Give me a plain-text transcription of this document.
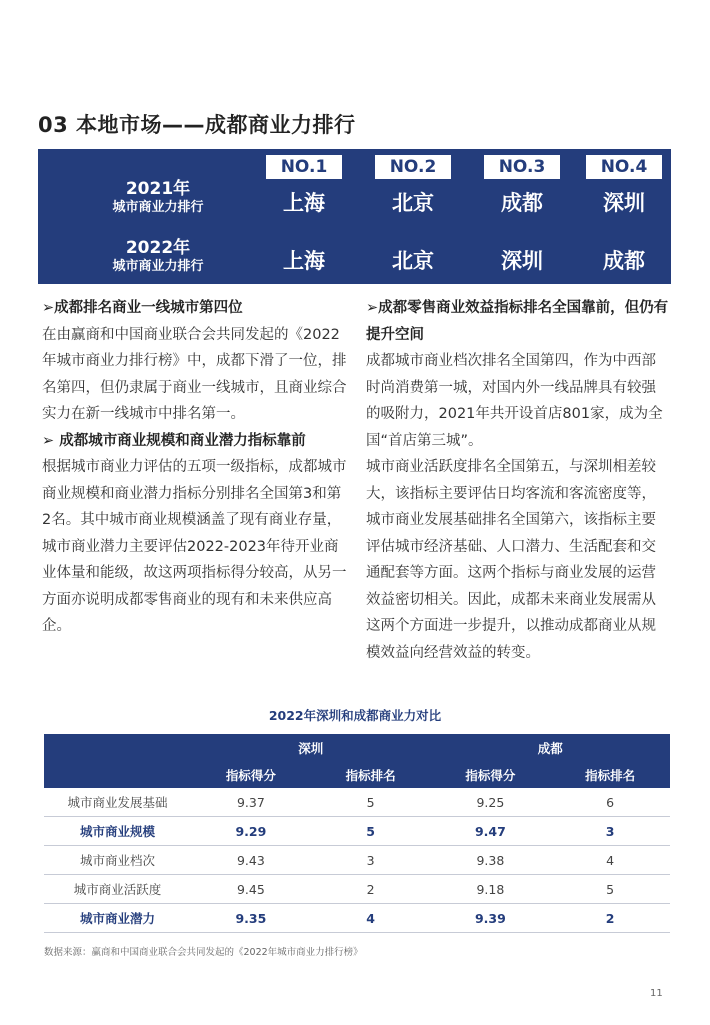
03 本地市场——成都商业力排行
NO.1	NO.2	NO.3	NO.4
2021年
城市商业力排行	上海	北京	成都	深圳
2022年
城市商业力排行	上海	北京	深圳	成都

➢成都排名商业一线城市第四位

在由赢商和中国商业联合会共同发起的《2022年城市商业力排行榜》中，成都下滑了一位，排名第四，但仍隶属于商业一线城市，且商业综合实力在新一线城市中排名第一。

➢ 成都城市商业规模和商业潜力指标靠前

根据城市商业力评估的五项一级指标，成都城市商业规模和商业潜力指标分别排名全国第3和第2名。其中城市商业规模涵盖了现有商业存量，城市商业潜力主要评估2022-2023年待开业商业体量和能级，故这两项指标得分较高，从另一方面亦说明成都零售商业的现有和未来供应高企。

➢成都零售商业效益指标排名全国靠前，但仍有提升空间

成都城市商业档次排名全国第四，作为中西部时尚消费第一城，对国内外一线品牌具有较强的吸附力，2021年共开设首店801家，成为全国“首店第三城”。

城市商业活跃度排名全国第五，与深圳相差较大，该指标主要评估日均客流和客流密度等，城市商业发展基础排名全国第六，该指标主要评估城市经济基础、人口潜力、生活配套和交通配套等方面。这两个指标与商业发展的运营效益密切相关。因此，成都未来商业发展需从这两个方面进一步提升，以推动成都商业从规模效益向经营效益的转变。

2022年深圳和成都商业力对比
	深圳		成都	
	指标得分	指标排名	指标得分	指标排名
城市商业发展基础	9.37	5	9.25	6
城市商业规模	9.29	5	9.47	3
城市商业档次	9.43	3	9.38	4
城市商业活跃度	9.45	2	9.18	5
城市商业潜力	9.35	4	9.39	2
数据来源：赢商和中国商业联合会共同发起的《2022年城市商业力排行榜》
11
